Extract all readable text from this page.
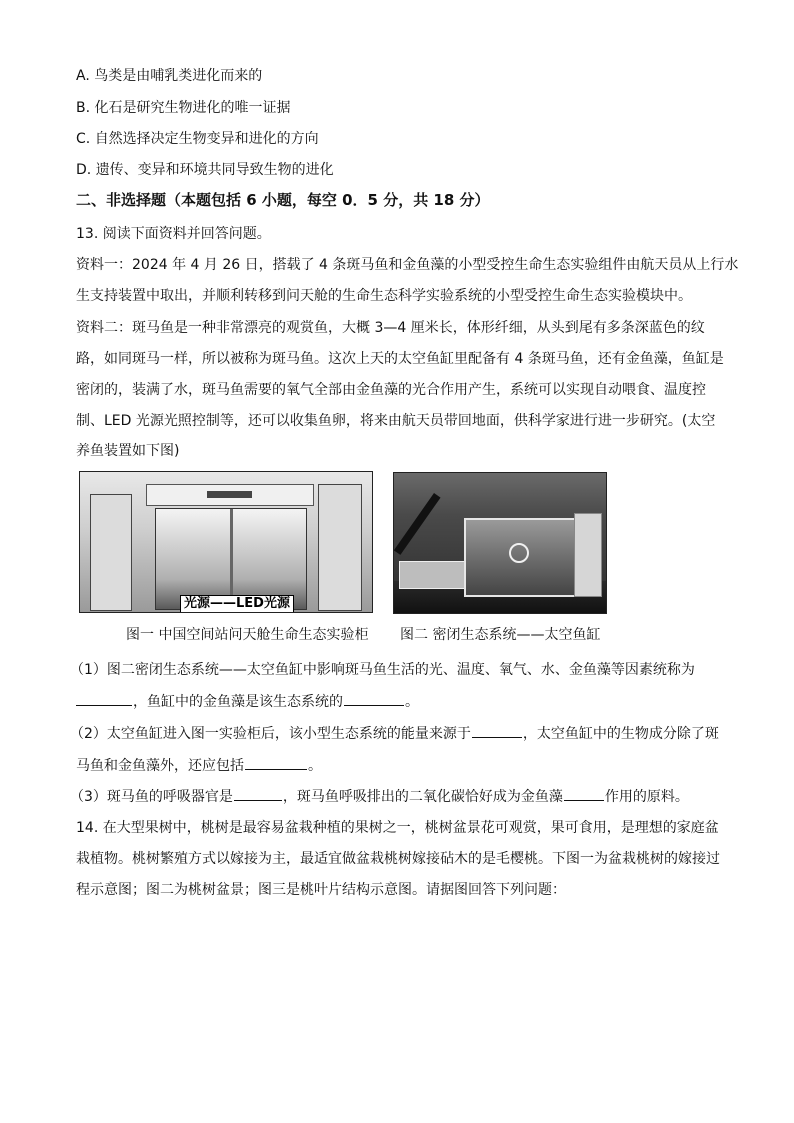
A. 鸟类是由哺乳类进化而来的
B. 化石是研究生物进化的唯一证据
C. 自然选择决定生物变异和进化的方向
D. 遗传、变异和环境共同导致生物的进化
二、非选择题（本题包括 6 小题，每空 0．5 分，共 18 分）
13. 阅读下面资料并回答问题。
资料一：2024 年 4 月 26 日，搭载了 4 条斑马鱼和金鱼藻的小型受控生命生态实验组件由航天员从上行水
生支持装置中取出，并顺利转移到问天舱的生命生态科学实验系统的小型受控生命生态实验模块中。
资料二：斑马鱼是一种非常漂亮的观赏鱼，大概 3—4 厘米长，体形纤细，从头到尾有多条深蓝色的纹
路，如同斑马一样，所以被称为斑马鱼。这次上天的太空鱼缸里配备有 4 条斑马鱼，还有金鱼藻，鱼缸是
密闭的，装满了水，斑马鱼需要的氧气全部由金鱼藻的光合作用产生，系统可以实现自动喂食、温度控
制、LED 光源光照控制等，还可以收集鱼卵，将来由航天员带回地面，供科学家进行进一步研究。(太空
养鱼装置如下图)
光源——LED光源
图一 中国空间站问天舱生命生态实验柜 图二 密闭生态系统——太空鱼缸
（1）图二密闭生态系统——太空鱼缸中影响斑马鱼生活的光、温度、氧气、水、金鱼藻等因素统称为
，鱼缸中的金鱼藻是该生态系统的	。
（2）太空鱼缸进入图一实验柜后，该小型生态系统的能量来源于	，太空鱼缸中的生物成分除了斑
马鱼和金鱼藻外，还应包括	。
（3）斑马鱼的呼吸器官是	，斑马鱼呼吸排出的二氧化碳恰好成为金鱼藻	作用的原料。
14. 在大型果树中，桃树是最容易盆栽种植的果树之一，桃树盆景花可观赏，果可食用，是理想的家庭盆
栽植物。桃树繁殖方式以嫁接为主，最适宜做盆栽桃树嫁接砧木的是毛樱桃。下图一为盆栽桃树的嫁接过
程示意图；图二为桃树盆景；图三是桃叶片结构示意图。请据图回答下列问题：
